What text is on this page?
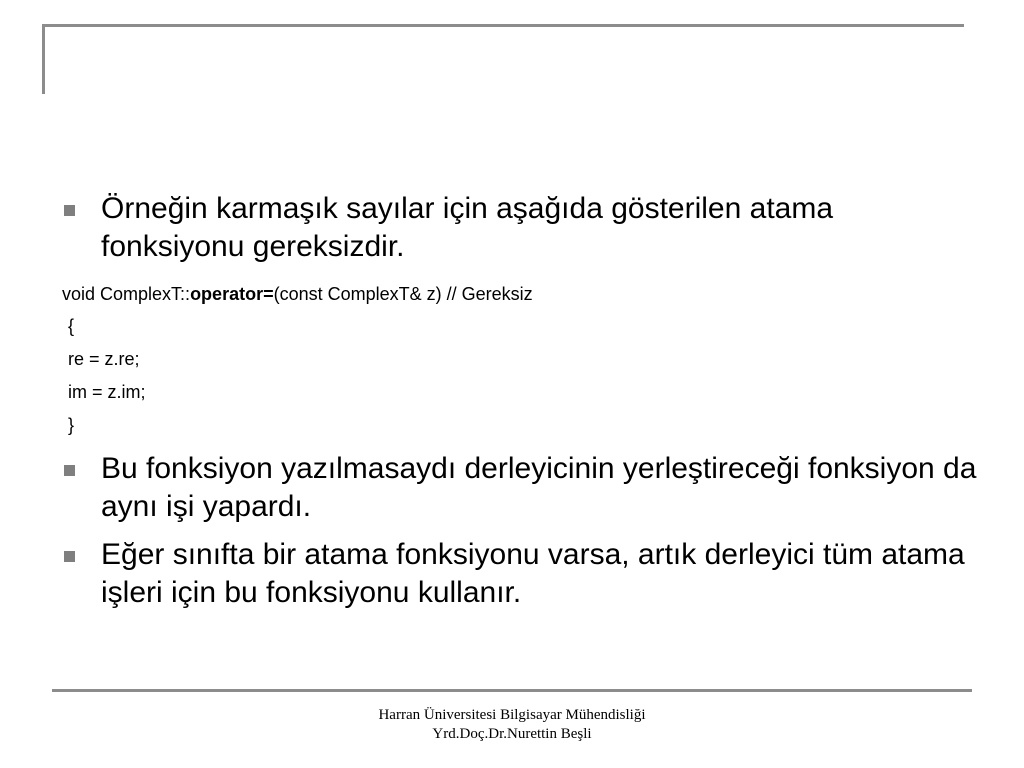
Örneğin karmaşık sayılar için aşağıda gösterilen atama fonksiyonu gereksizdir.
void ComplexT::operator=(const ComplexT& z) // Gereksiz
{
re = z.re;
im = z.im;
}
Bu fonksiyon yazılmasaydı derleyicinin yerleştireceği fonksiyon da aynı işi yapardı.
Eğer sınıfta bir atama fonksiyonu varsa, artık derleyici tüm atama işleri için bu fonksiyonu kullanır.
Harran Üniversitesi Bilgisayar Mühendisliği
Yrd.Doç.Dr.Nurettin Beşli
